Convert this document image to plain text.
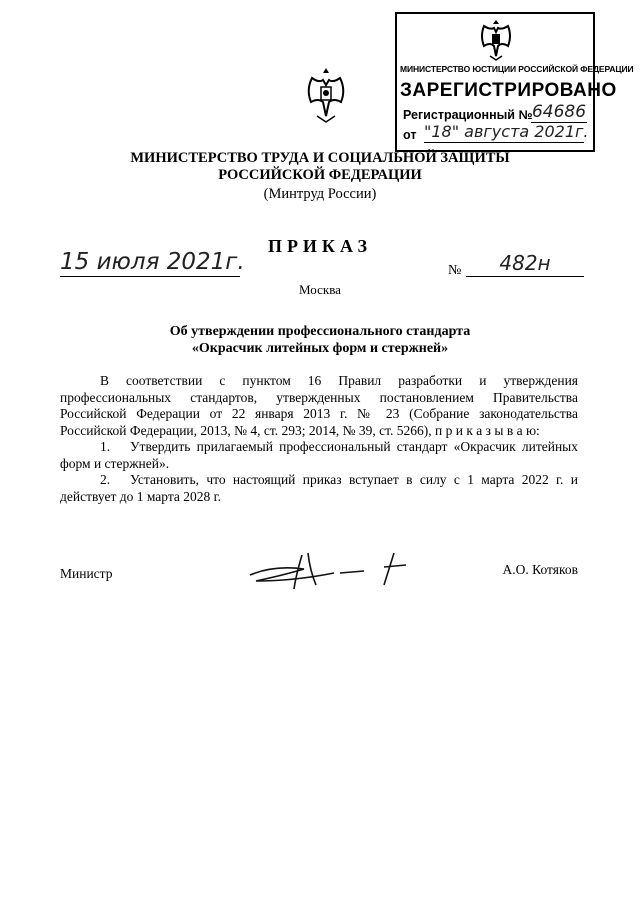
МИНИСТЕРСТВО ЮСТИЦИИ РОССИЙСКОЙ ФЕДЕРАЦИИ
ЗАРЕГИСТРИРОВАНО
Регистрационный № 64686
от "18" августа 2021г.
МИНИСТЕРСТВО ТРУДА И СОЦИАЛЬНОЙ ЗАЩИТЫ
РОССИЙСКОЙ ФЕДЕРАЦИИ
(Минтруд России)
ПРИКАЗ
15 июля 2021г.	№	482н
Москва
Об утверждении профессионального стандарта
«Окрасчик литейных форм и стержней»

В соответствии с пунктом 16 Правил разработки и утверждения профессиональных стандартов, утвержденных постановлением Правительства Российской Федерации от 22 января 2013 г. № 23 (Собрание законодательства Российской Федерации, 2013, № 4, ст. 293; 2014, № 39, ст. 5266), п р и к а з ы в а ю:

1. Утвердить прилагаемый профессиональный стандарт «Окрасчик литейных форм и стержней».

2. Установить, что настоящий приказ вступает в силу с 1 марта 2022 г. и действует до 1 марта 2028 г.

Министр	А.О. Котяков
